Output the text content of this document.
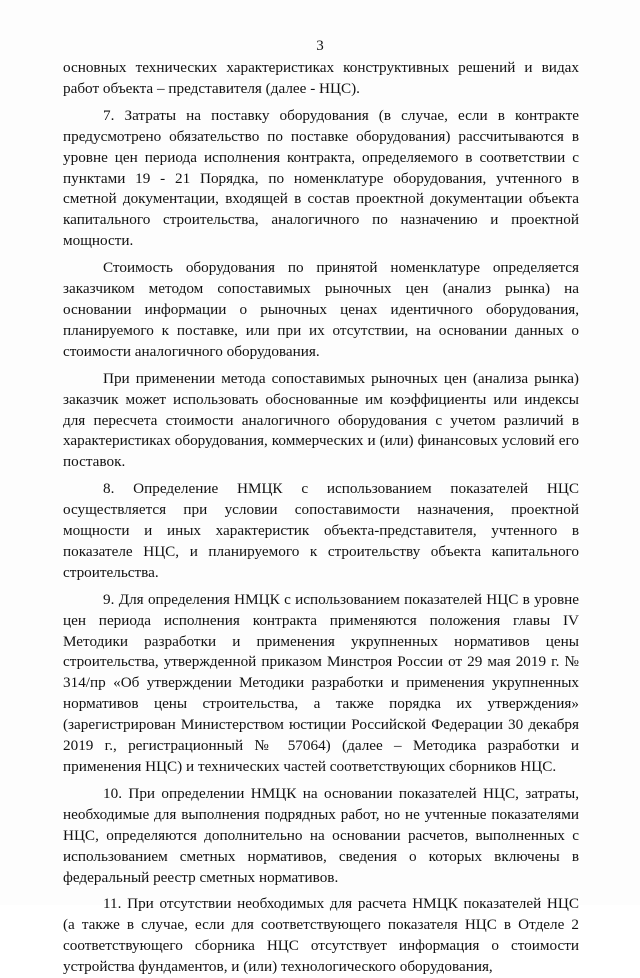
3

основных технических характеристиках конструктивных решений и видах работ объекта – представителя (далее - НЦС).

7. Затраты на поставку оборудования (в случае, если в контракте предусмотрено обязательство по поставке оборудования) рассчитываются в уровне цен периода исполнения контракта, определяемого в соответствии с пунктами 19 - 21 Порядка, по номенклатуре оборудования, учтенного в сметной документации, входящей в состав проектной документации объекта капитального строительства, аналогичного по назначению и проектной мощности.

Стоимость оборудования по принятой номенклатуре определяется заказчиком методом сопоставимых рыночных цен (анализ рынка) на основании информации о рыночных ценах идентичного оборудования, планируемого к поставке, или при их отсутствии, на основании данных о стоимости аналогичного оборудования.

При применении метода сопоставимых рыночных цен (анализа рынка) заказчик может использовать обоснованные им коэффициенты или индексы для пересчета стоимости аналогичного оборудования с учетом различий в характеристиках оборудования, коммерческих и (или) финансовых условий его поставок.

8. Определение НМЦК с использованием показателей НЦС осуществляется при условии сопоставимости назначения, проектной мощности и иных характеристик объекта-представителя, учтенного в показателе НЦС, и планируемого к строительству объекта капитального строительства.

9. Для определения НМЦК с использованием показателей НЦС в уровне цен периода исполнения контракта применяются положения главы IV Методики разработки и применения укрупненных нормативов цены строительства, утвержденной приказом Минстроя России от 29 мая 2019 г. № 314/пр «Об утверждении Методики разработки и применения укрупненных нормативов цены строительства, а также порядка их утверждения» (зарегистрирован Министерством юстиции Российской Федерации 30 декабря 2019 г., регистрационный № 57064) (далее – Методика разработки и применения НЦС) и технических частей соответствующих сборников НЦС.

10. При определении НМЦК на основании показателей НЦС, затраты, необходимые для выполнения подрядных работ, но не учтенные показателями НЦС, определяются дополнительно на основании расчетов, выполненных с использованием сметных нормативов, сведения о которых включены в федеральный реестр сметных нормативов.

11. При отсутствии необходимых для расчета НМЦК показателей НЦС (а также в случае, если для соответствующего показателя НЦС в Отделе 2 соответствующего сборника НЦС отсутствует информация о стоимости устройства фундаментов, и (или) технологического оборудования,
